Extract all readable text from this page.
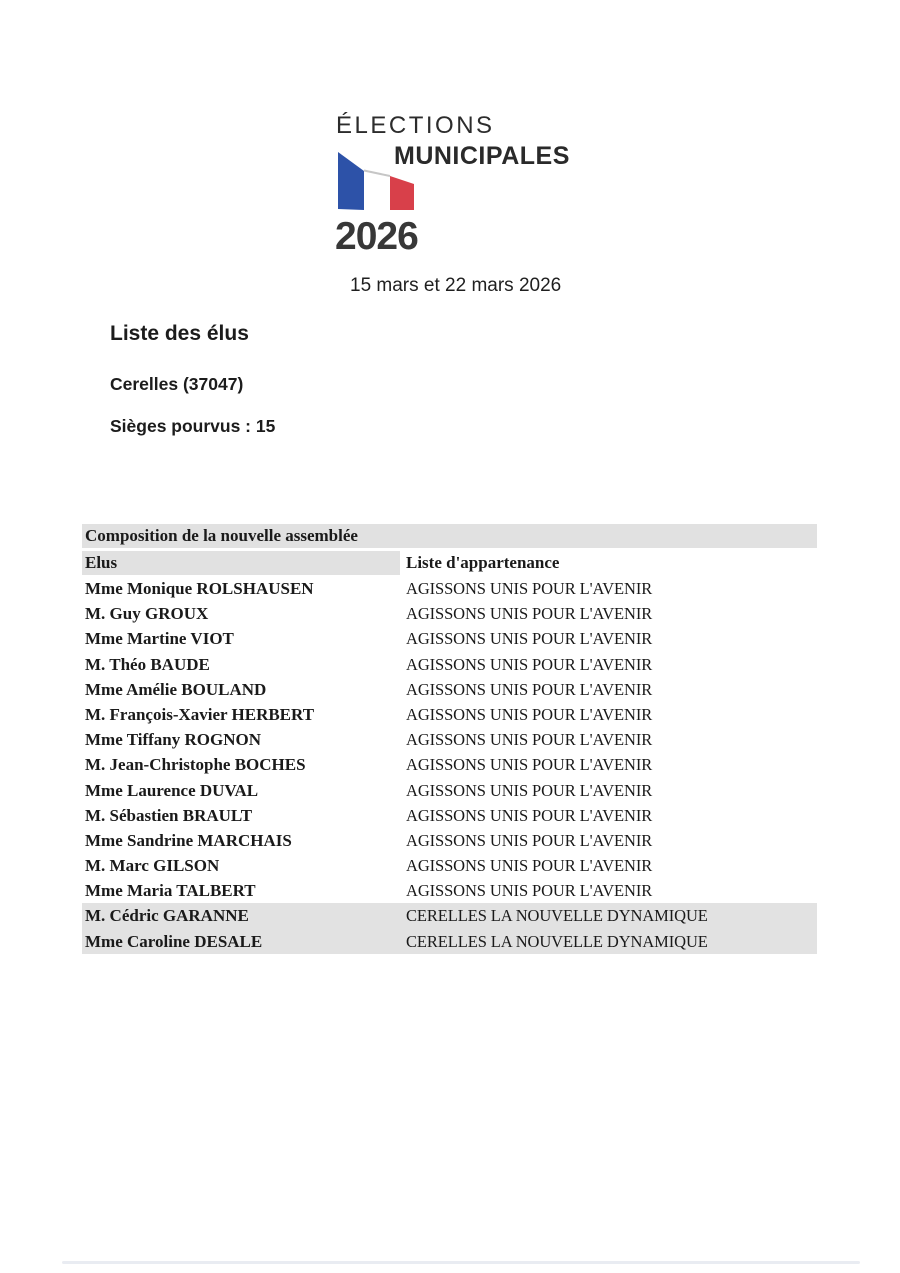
ÉLECTIONS
MUNICIPALES
2026
15 mars et 22 mars 2026
Liste des élus
Cerelles (37047)
Sièges pourvus : 15
Composition de la nouvelle assemblée
Elus	Liste d'appartenance
Mme Monique ROLSHAUSEN	AGISSONS UNIS POUR L'AVENIR
M. Guy GROUX	AGISSONS UNIS POUR L'AVENIR
Mme Martine VIOT	AGISSONS UNIS POUR L'AVENIR
M. Théo BAUDE	AGISSONS UNIS POUR L'AVENIR
Mme Amélie BOULAND	AGISSONS UNIS POUR L'AVENIR
M. François-Xavier HERBERT	AGISSONS UNIS POUR L'AVENIR
Mme Tiffany ROGNON	AGISSONS UNIS POUR L'AVENIR
M. Jean-Christophe BOCHES	AGISSONS UNIS POUR L'AVENIR
Mme Laurence DUVAL	AGISSONS UNIS POUR L'AVENIR
M. Sébastien BRAULT	AGISSONS UNIS POUR L'AVENIR
Mme Sandrine MARCHAIS	AGISSONS UNIS POUR L'AVENIR
M. Marc GILSON	AGISSONS UNIS POUR L'AVENIR
Mme Maria TALBERT	AGISSONS UNIS POUR L'AVENIR
M. Cédric GARANNE	CERELLES LA NOUVELLE DYNAMIQUE
Mme Caroline DESALE	CERELLES LA NOUVELLE DYNAMIQUE
